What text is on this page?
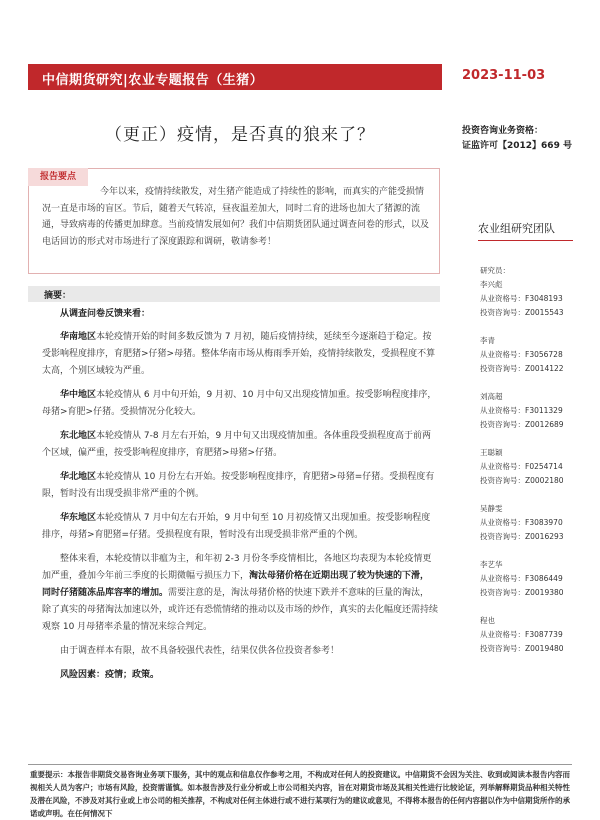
中信期货研究|农业专题报告（生猪）	2023-11-03
（更正）疫情，是否真的狼来了？	投资咨询业务资格：
证监许可【2012】669 号
报告要点
今年以来，疫情持续散发，对生猪产能造成了持续性的影响，而真实的产能受损情况一直是市场的盲区。节后，随着天气转凉，昼夜温差加大，同时二育的进场也加大了猪源的流通，导致病毒的传播更加肆意。当前疫情发展如何？我们中信期货团队通过调查问卷的形式，以及电话回访的形式对市场进行了深度跟踪和调研，敬请参考！
摘要：
从调查问卷反馈来看：

华南地区本轮疫情开始的时间多数反馈为 7 月初，随后疫情持续，延续至今逐渐趋于稳定。按受影响程度排序，育肥猪>仔猪>母猪。整体华南市场从梅雨季开始，疫情持续散发，受损程度不算太高，个别区域较为严重。

华中地区本轮疫情从 6 月中旬开始，9 月初、10 月中旬又出现疫情加重。按受影响程度排序，母猪>育肥>仔猪。受损情况分化较大。

东北地区本轮疫情从 7-8 月左右开始，9 月中旬又出现疫情加重。各体重段受损程度高于前两个区域，偏严重，按受影响程度排序，育肥猪>母猪>仔猪。

华北地区本轮疫情从 10 月份左右开始。按受影响程度排序，育肥猪>母猪=仔猪。受损程度有限，暂时没有出现受损非常严重的个例。

华东地区本轮疫情从 7 月中旬左右开始，9 月中旬至 10 月初疫情又出现加重。按受影响程度排序，母猪>育肥猪=仔猪。受损程度有限，暂时没有出现受损非常严重的个例。

整体来看，本轮疫情以非瘟为主，和年初 2-3 月份冬季疫情相比，各地区均表现为本轮疫情更加严重，叠加今年前三季度的长期微幅亏损压力下，淘汰母猪价格在近期出现了较为快速的下滑，同时仔猪随冻品库容率的增加。需要注意的是，淘汰母猪价格的快速下跌并不意味的巨量的淘汰，除了真实的母猪淘汰加速以外，或许还有恐慌情绪的推动以及市场的炒作，真实的去化幅度还需持续观察 10 月母猪率杀量的情况来综合判定。

由于调查样本有限，故不具备较强代表性，结果仅供各位投资者参考！

风险因素：疫情；政策。

农业组研究团队
研究员：
李兴彪
从业资格号：F3048193
投资咨询号：Z0015543
李青
从业资格号：F3056728
投资咨询号：Z0014122
刘高超
从业资格号：F3011329
投资咨询号：Z0012689
王聪颖
从业资格号：F0254714
投资咨询号：Z0002180
吴静雯
从业资格号：F3083970
投资咨询号：Z0016293
李艺华
从业资格号：F3086449
投资咨询号：Z0019380
程也
从业资格号：F3087739
投资咨询号：Z0019480
重要提示：本报告非期货交易咨询业务项下服务，其中的观点和信息仅作参考之用，不构成对任何人的投资建议。中信期货不会因为关注、收到或阅读本报告内容而视相关人员为客户；市场有风险，投资需谨慎。如本报告涉及行业分析或上市公司相关内容，旨在对期货市场及其相关性进行比较论证，列举解释期货品种相关特性及潜在风险，不涉及对其行业或上市公司的相关推荐，不构成对任何主体进行或不进行某项行为的建议或意见，不得将本报告的任何内容据以作为中信期货所作的承诺或声明。在任何情况下
